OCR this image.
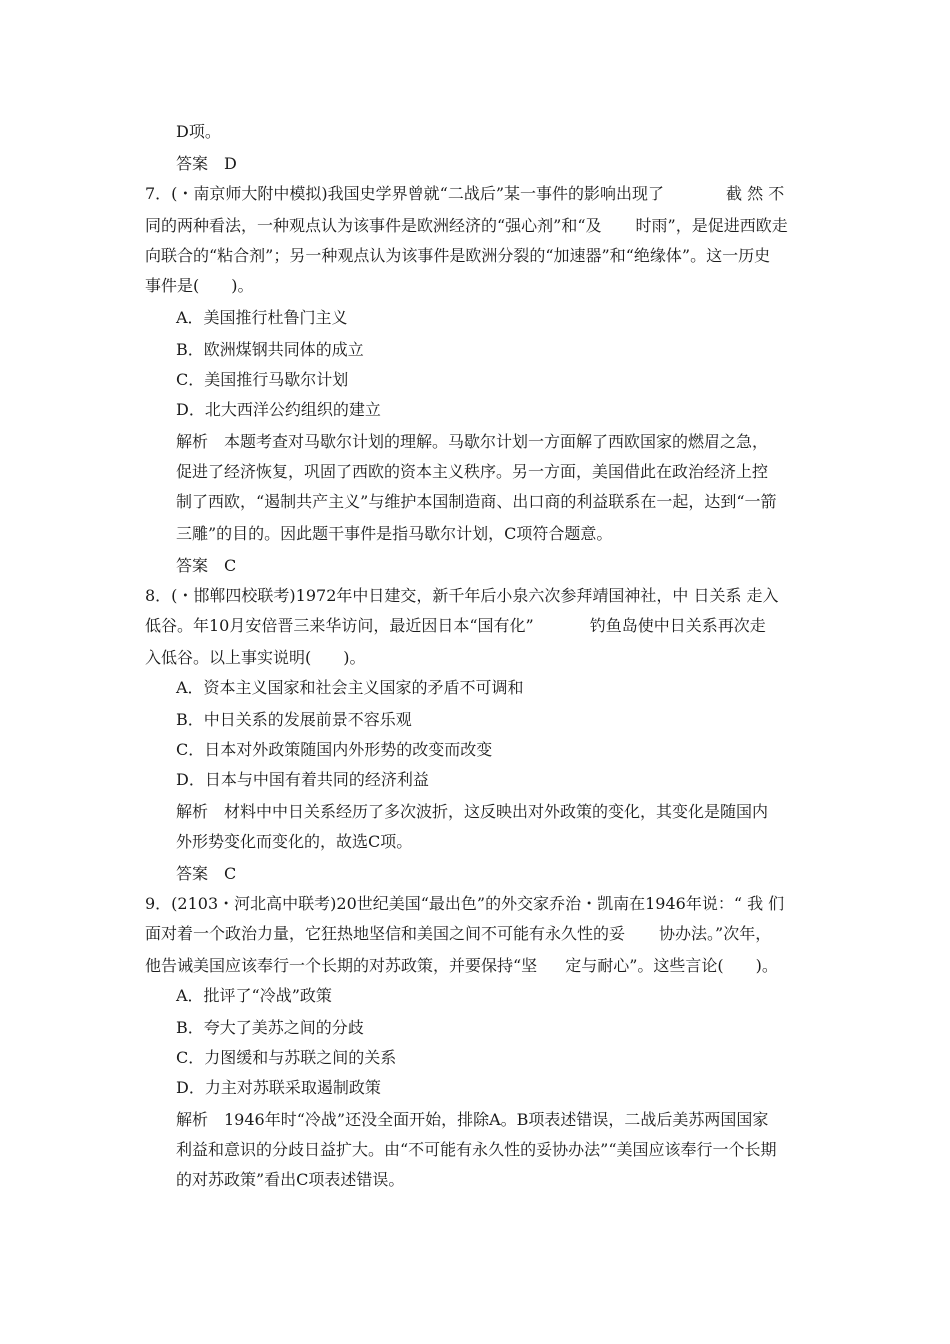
D项。
答案　D
7．(・南京师大附中模拟)我国史学界曾就“二战后”某一事件的影响出现了	截 然 不
同的两种看法，一种观点认为该事件是欧洲经济的“强心剂”和“及 时雨”，是促进西欧走
向联合的“粘合剂”；另一种观点认为该事件是欧洲分裂的“加速器”和“绝缘体”。这一历史
事件是(　　)。
A．美国推行杜鲁门主义
B．欧洲煤钢共同体的成立
C．美国推行马歇尔计划
D．北大西洋公约组织的建立
解析　本题考查对马歇尔计划的理解。马歇尔计划一方面解了西欧国家的燃眉之急，
促进了经济恢复，巩固了西欧的资本主义秩序。另一方面，美国借此在政治经济上控
制了西欧，“遏制共产主义”与维护本国制造商、出口商的利益联系在一起，达到“一箭
三雕”的目的。因此题干事件是指马歇尔计划，C项符合题意。
答案　C
8．(・邯郸四校联考)1972年中日建交，新千年后小泉六次参拜靖国神社，中 日关系 走入
低谷。年10月安倍晋三来华访问，最近因日本“国有化”	钓鱼岛使中日关系再次走
入低谷。以上事实说明(　　)。
A．资本主义国家和社会主义国家的矛盾不可调和
B．中日关系的发展前景不容乐观
C．日本对外政策随国内外形势的改变而改变
D．日本与中国有着共同的经济利益
解析　材料中中日关系经历了多次波折，这反映出对外政策的变化，其变化是随国内
外形势变化而变化的，故选C项。
答案　C
9．(2103・河北高中联考)20世纪美国“最出色”的外交家乔治・凯南在1946年说：“ 我 们
面对着一个政治力量，它狂热地坚信和美国之间不可能有永久性的妥 协办法。”次年，
他告诫美国应该奉行一个长期的对苏政策，并要保持“坚 定与耐心”。这些言论(　　)。
A．批评了“冷战”政策
B．夸大了美苏之间的分歧
C．力图缓和与苏联之间的关系
D．力主对苏联采取遏制政策
解析　1946年时“冷战”还没全面开始，排除A。B项表述错误，二战后美苏两国国家
利益和意识的分歧日益扩大。由“不可能有永久性的妥协办法”“美国应该奉行一个长期
的对苏政策”看出C项表述错误。
